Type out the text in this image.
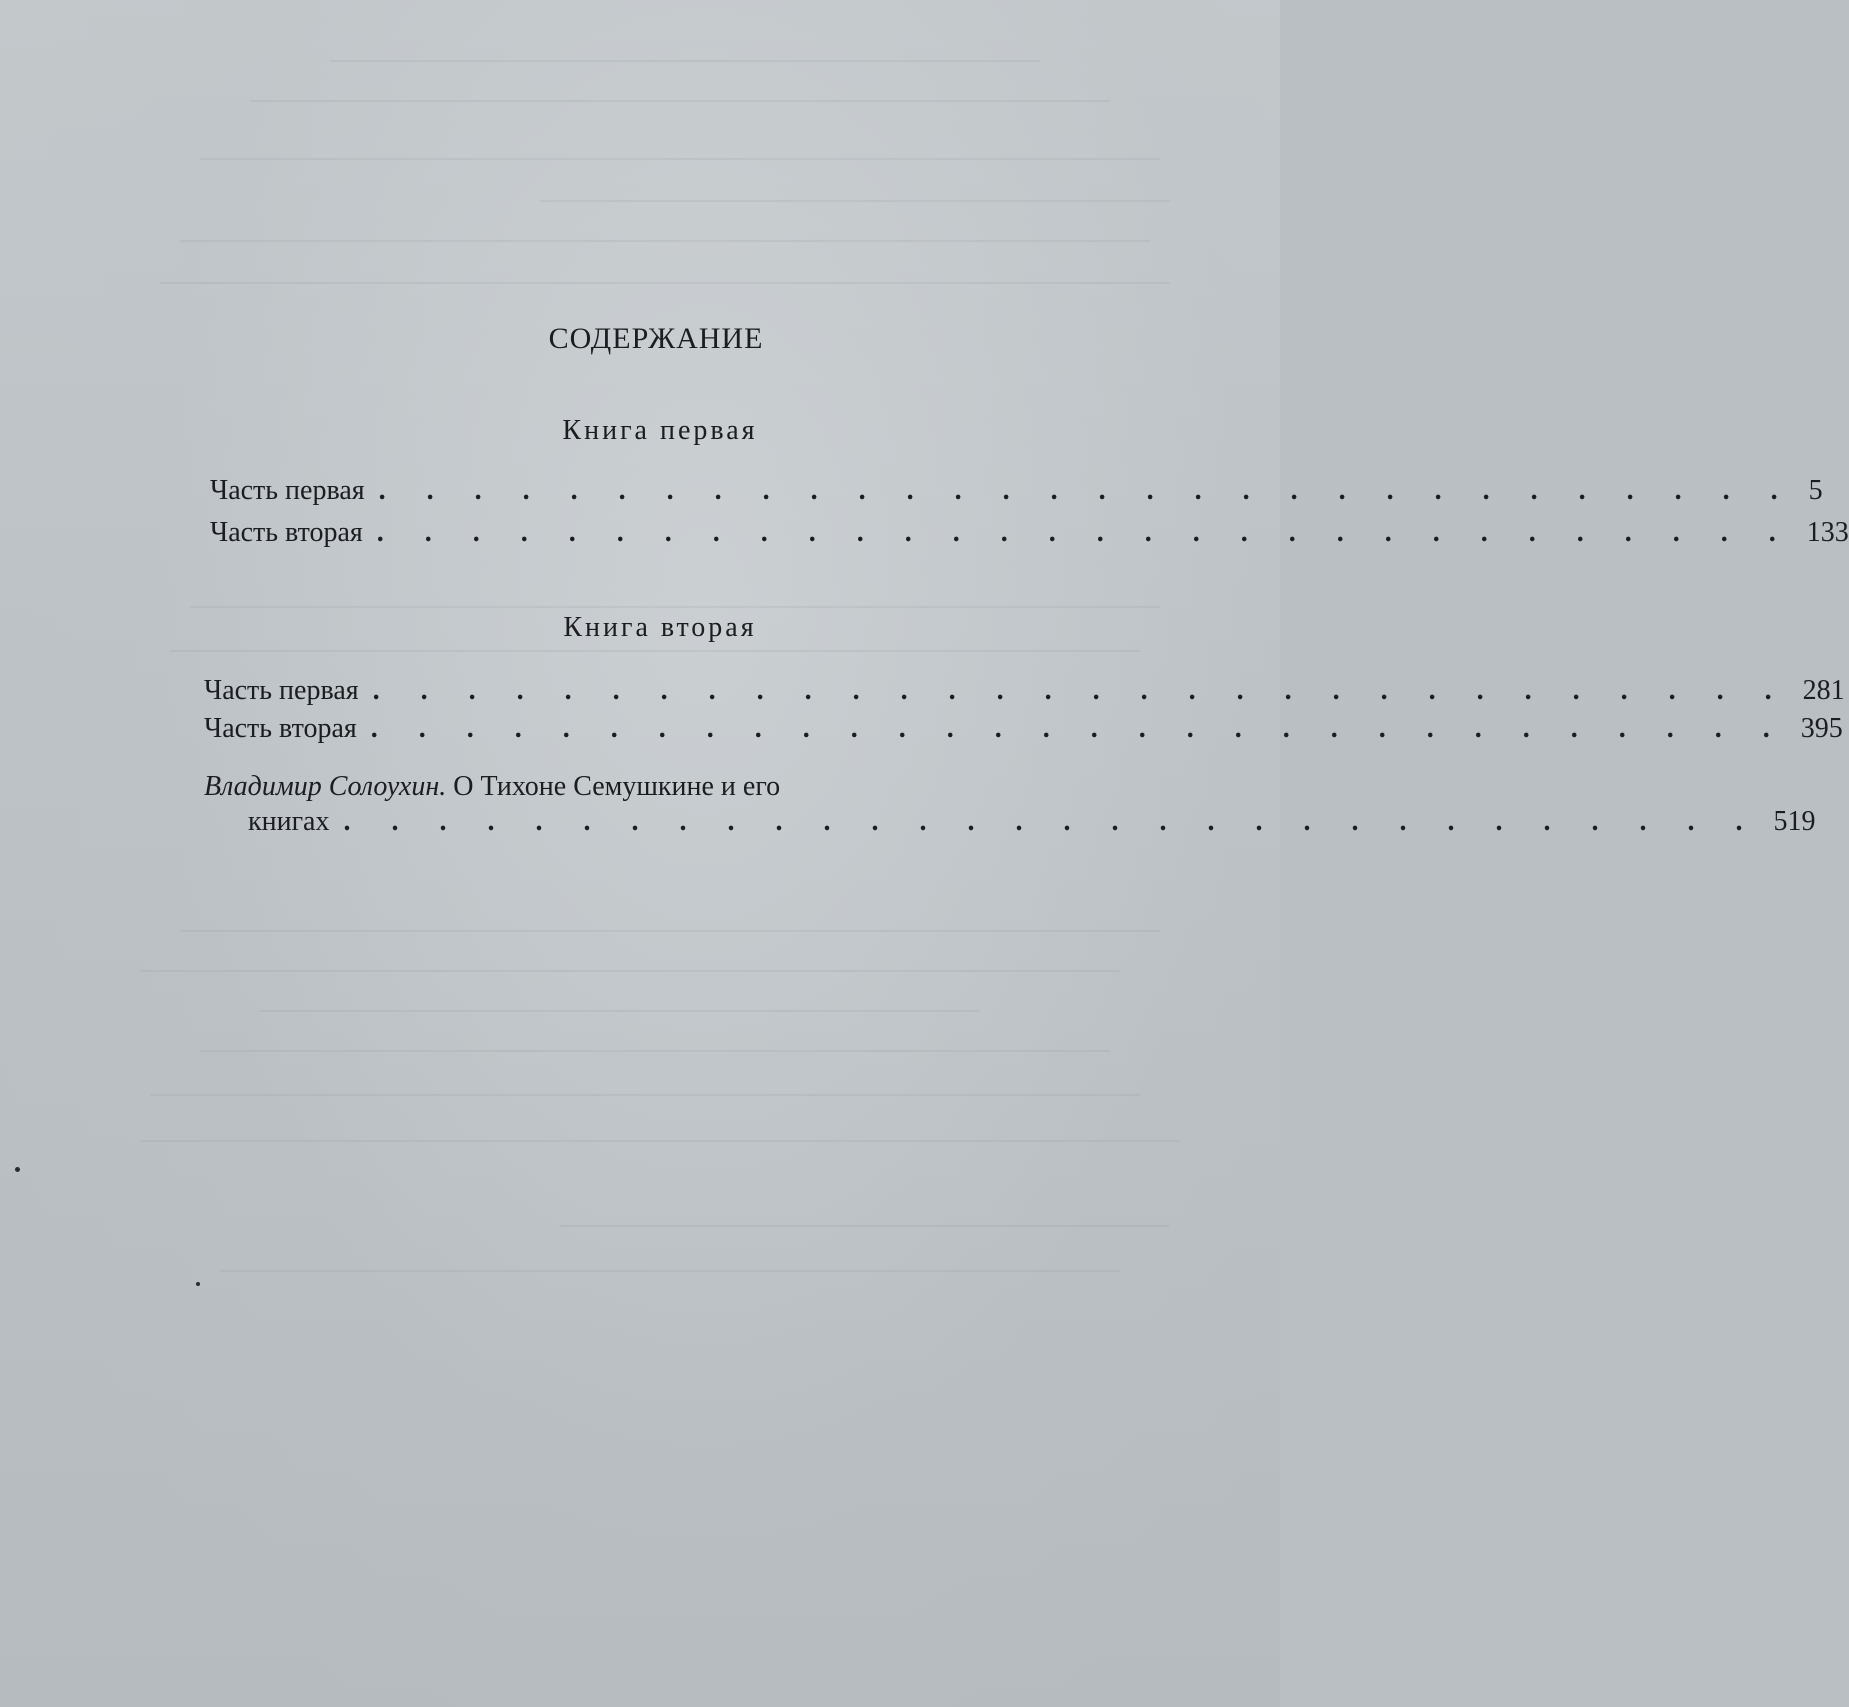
СОДЕРЖАНИЕ
Книга первая
Часть первая . . . . . . . . . . . . . . . . . . . . . . . . . . . . . . 5
Часть вторая . . . . . . . . . . . . . . . . . . . . . . . . . . . . . . 133
Книга вторая
Часть первая . . . . . . . . . . . . . . . . . . . . . . . . . . . . . . 281
Часть вторая . . . . . . . . . . . . . . . . . . . . . . . . . . . . . . 395
Владимир Солоухин. О Тихоне Семушкине и его
книгах . . . . . . . . . . . . . . . . . . . . . . . . . . . . . . 519
